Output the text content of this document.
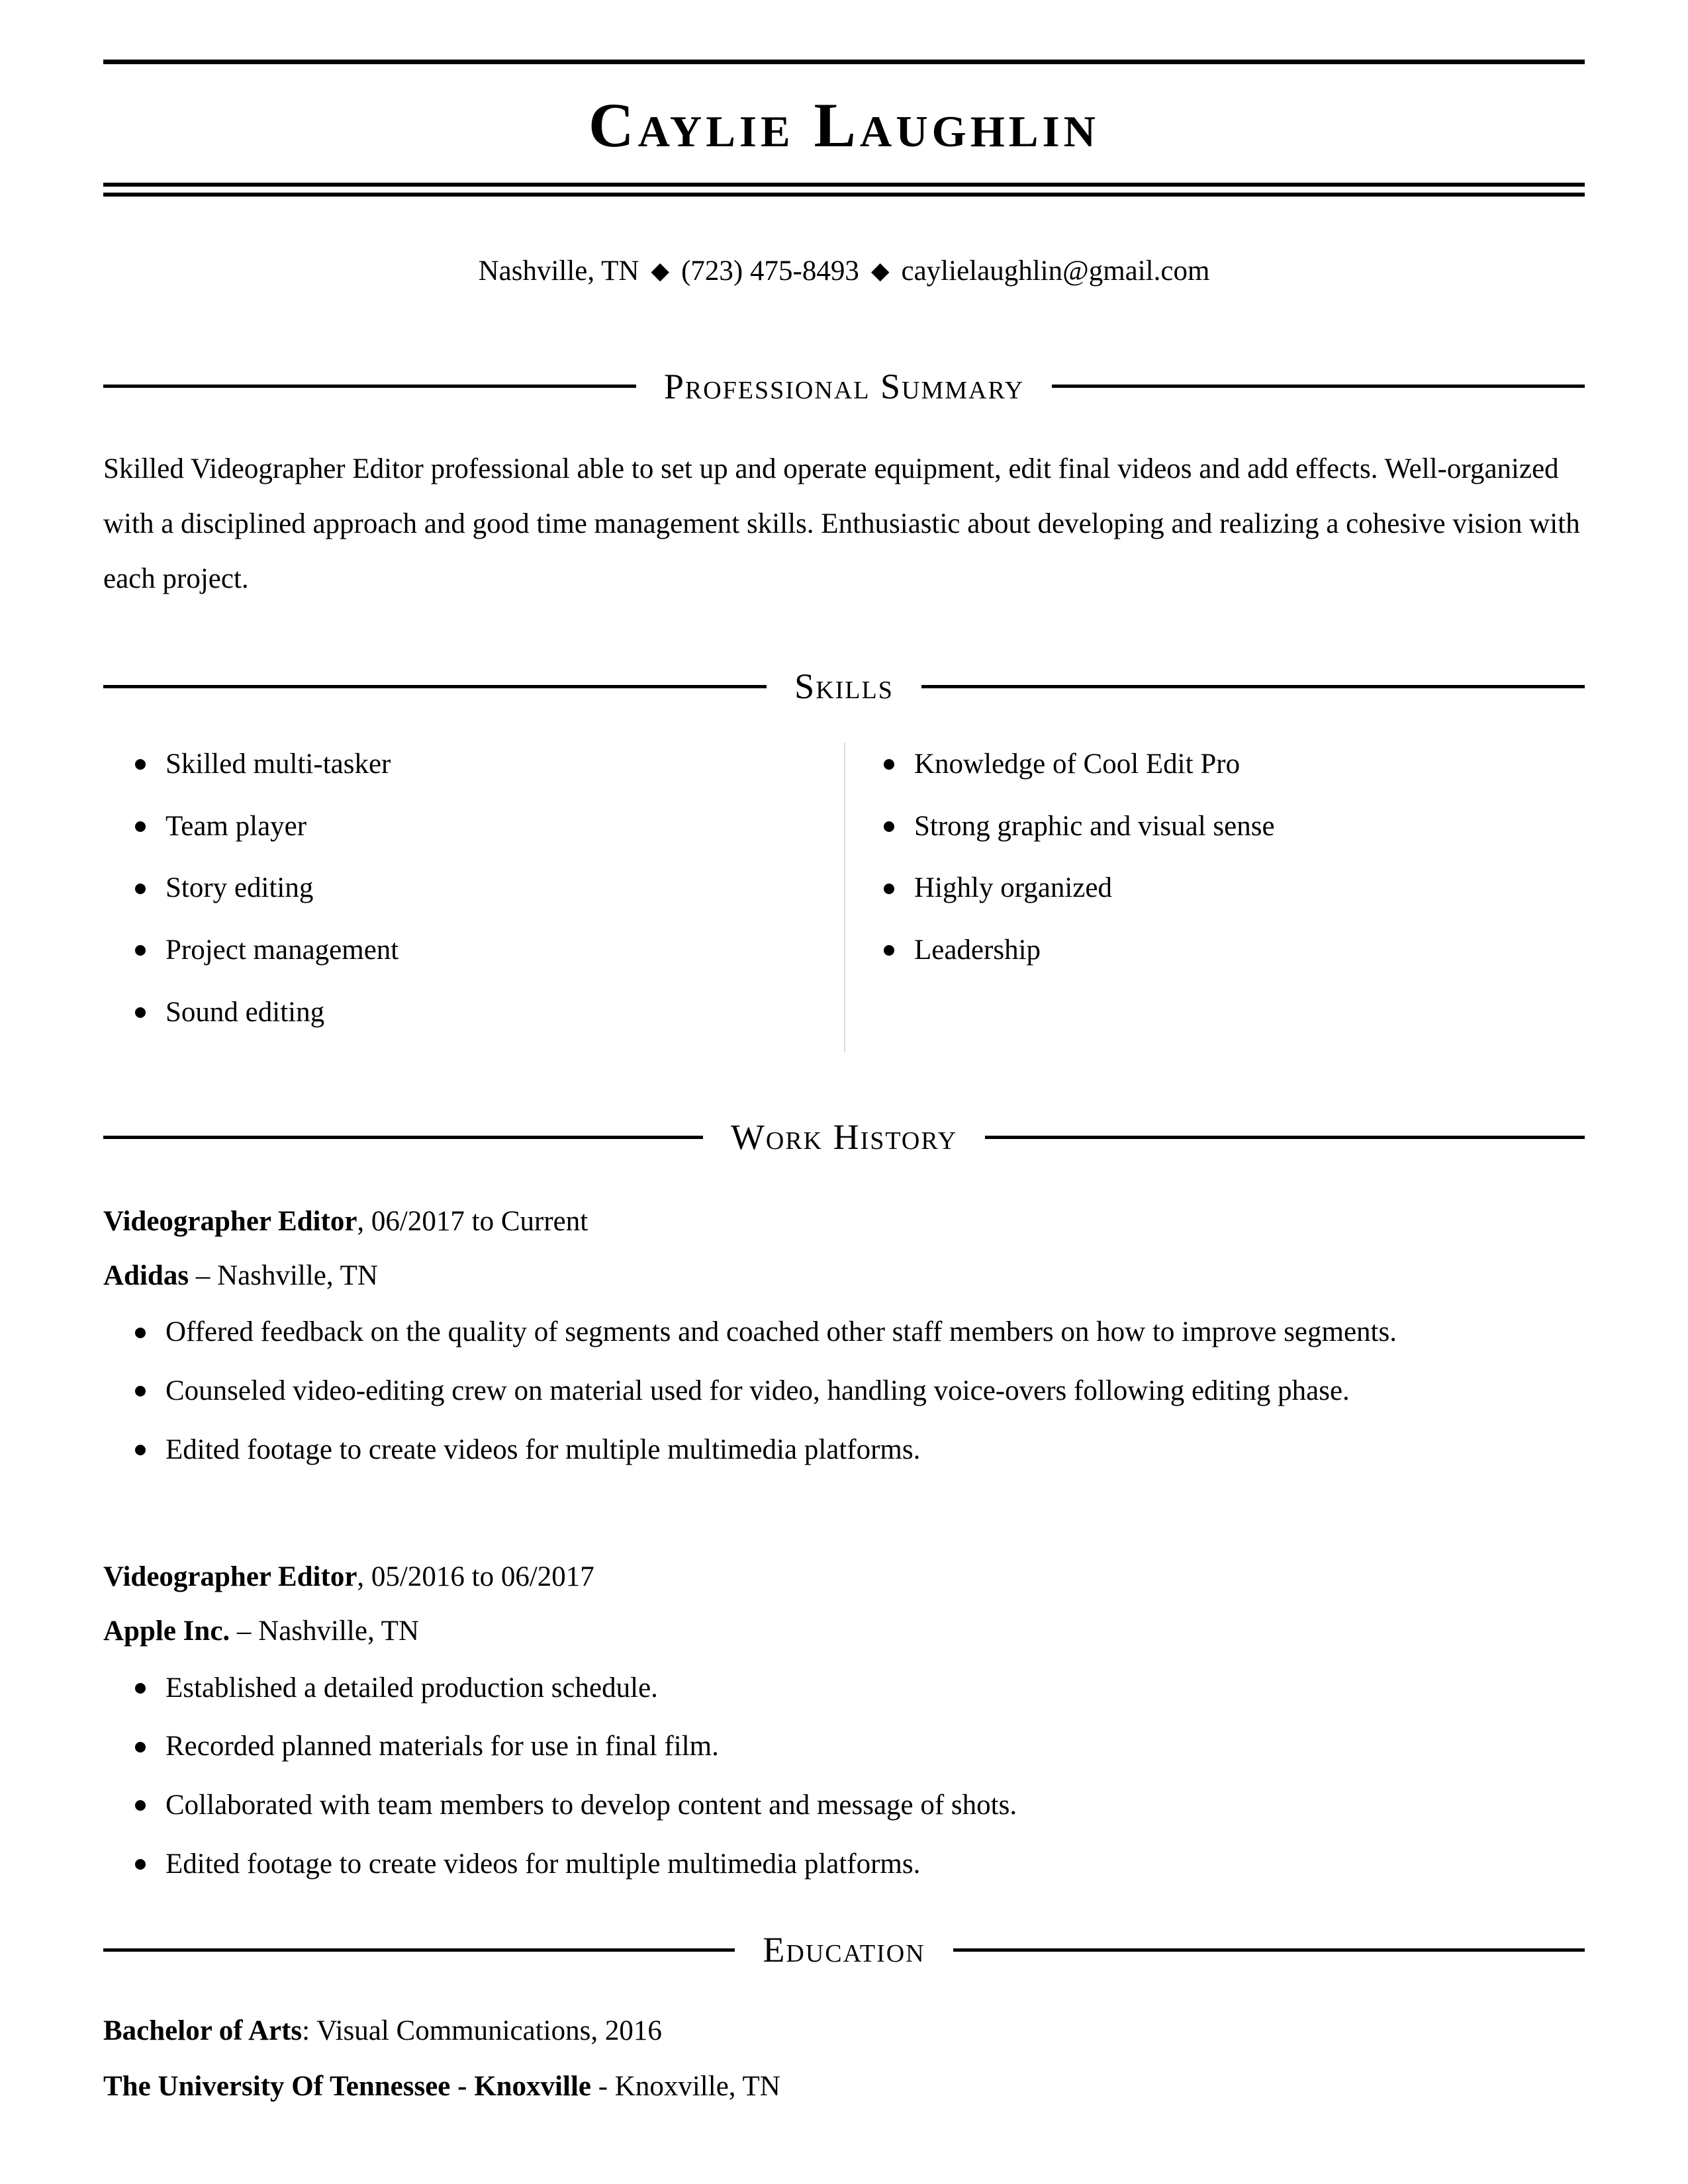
Caylie Laughlin
Nashville, TN ◆ (723) 475-8493 ◆ caylielaughlin@gmail.com
Professional Summary
Skilled Videographer Editor professional able to set up and operate equipment, edit final videos and add effects. Well-organized with a disciplined approach and good time management skills. Enthusiastic about developing and realizing a cohesive vision with each project.
Skills
Skilled multi-tasker
Team player
Story editing
Project management
Sound editing
Knowledge of Cool Edit Pro
Strong graphic and visual sense
Highly organized
Leadership
Work History
Videographer Editor, 06/2017 to Current
Adidas – Nashville, TN
Offered feedback on the quality of segments and coached other staff members on how to improve segments.
Counseled video-editing crew on material used for video, handling voice-overs following editing phase.
Edited footage to create videos for multiple multimedia platforms.
Videographer Editor, 05/2016 to 06/2017
Apple Inc. – Nashville, TN
Established a detailed production schedule.
Recorded planned materials for use in final film.
Collaborated with team members to develop content and message of shots.
Edited footage to create videos for multiple multimedia platforms.
Education
Bachelor of Arts: Visual Communications, 2016
The University Of Tennessee - Knoxville - Knoxville, TN
